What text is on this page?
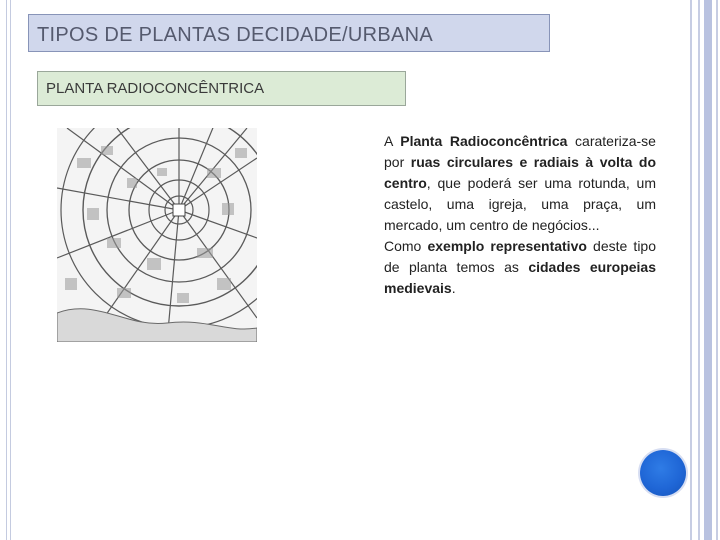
TIPOS DE PLANTAS DECIDADE/URBANA
PLANTA RADIOCONCÊNTRICA

A Planta Radioconcêntrica carateriza-se por ruas circulares e radiais à volta do centro, que poderá ser uma rotunda, um castelo, uma igreja, uma praça, um mercado, um centro de negócios...

Como exemplo representativo deste tipo de planta temos as cidades europeias medievais.
